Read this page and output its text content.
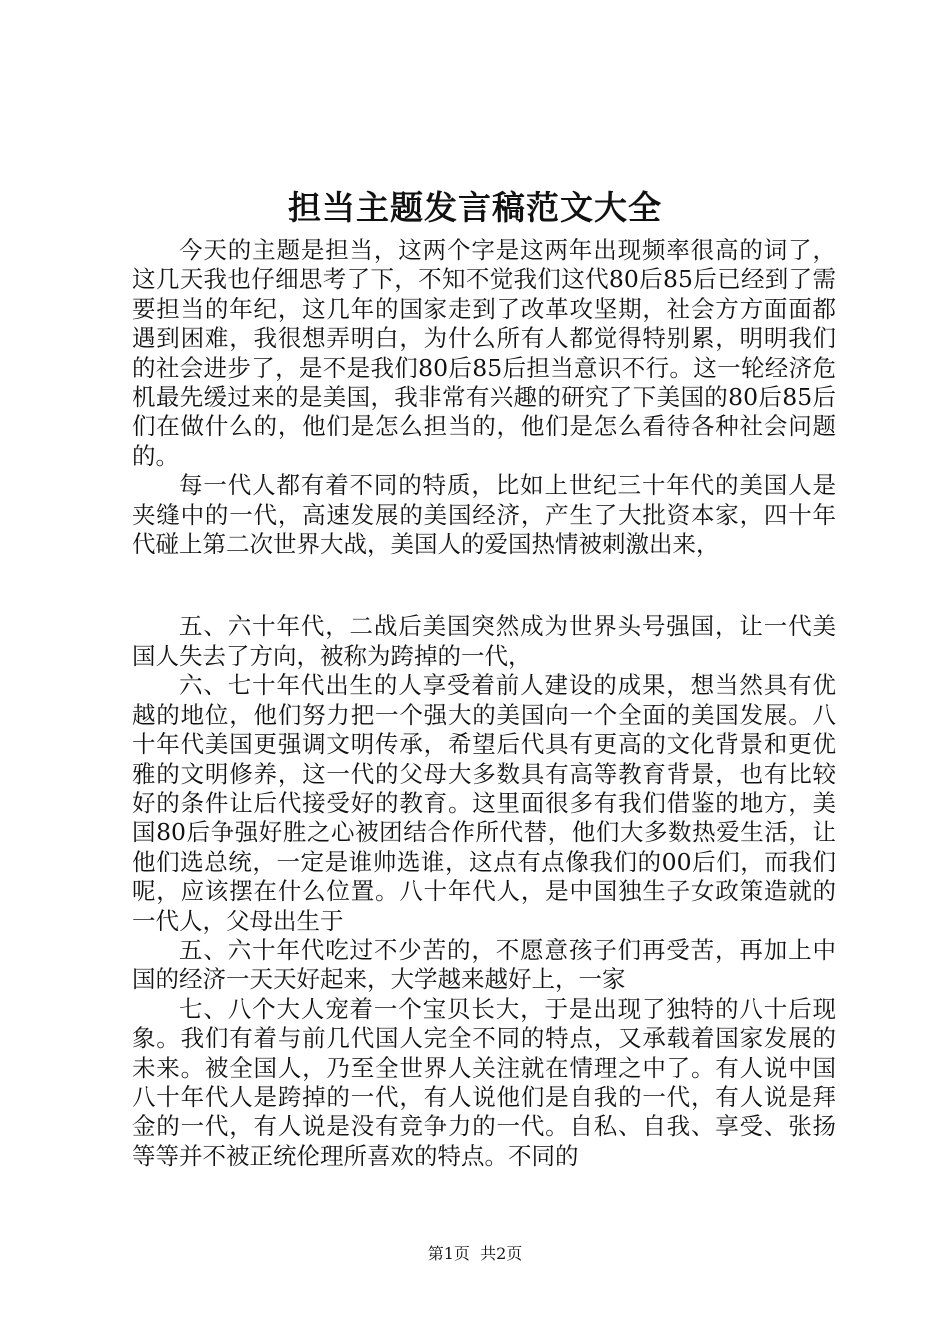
担当主题发言稿范文大全

今天的主题是担当，这两个字是这两年出现频率很高的词了，这几天我也仔细思考了下，不知不觉我们这代80后85后已经到了需要担当的年纪，这几年的国家走到了改革攻坚期，社会方方面面都遇到困难，我很想弄明白，为什么所有人都觉得特别累，明明我们的社会进步了，是不是我们80后85后担当意识不行。这一轮经济危机最先缓过来的是美国，我非常有兴趣的研究了下美国的80后85后们在做什么的，他们是怎么担当的，他们是怎么看待各种社会问题的。

每一代人都有着不同的特质，比如上世纪三十年代的美国人是夹缝中的一代，高速发展的美国经济，产生了大批资本家，四十年代碰上第二次世界大战，美国人的爱国热情被刺激出来，

五、六十年代，二战后美国突然成为世界头号强国，让一代美国人失去了方向，被称为跨掉的一代，

六、七十年代出生的人享受着前人建设的成果，想当然具有优越的地位，他们努力把一个强大的美国向一个全面的美国发展。八十年代美国更强调文明传承，希望后代具有更高的文化背景和更优雅的文明修养，这一代的父母大多数具有高等教育背景，也有比较好的条件让后代接受好的教育。这里面很多有我们借鉴的地方，美国80后争强好胜之心被团结合作所代替，他们大多数热爱生活，让他们选总统，一定是谁帅选谁，这点有点像我们的00后们，而我们呢，应该摆在什么位置。八十年代人，是中国独生子女政策造就的一代人，父母出生于

五、六十年代吃过不少苦的，不愿意孩子们再受苦，再加上中国的经济一天天好起来，大学越来越好上，一家

七、八个大人宠着一个宝贝长大，于是出现了独特的八十后现象。我们有着与前几代国人完全不同的特点，又承载着国家发展的未来。被全国人，乃至全世界人关注就在情理之中了。有人说中国八十年代人是跨掉的一代，有人说他们是自我的一代，有人说是拜金的一代，有人说是没有竞争力的一代。自私、自我、享受、张扬等等并不被正统伦理所喜欢的特点。不同的

第1页 共2页
